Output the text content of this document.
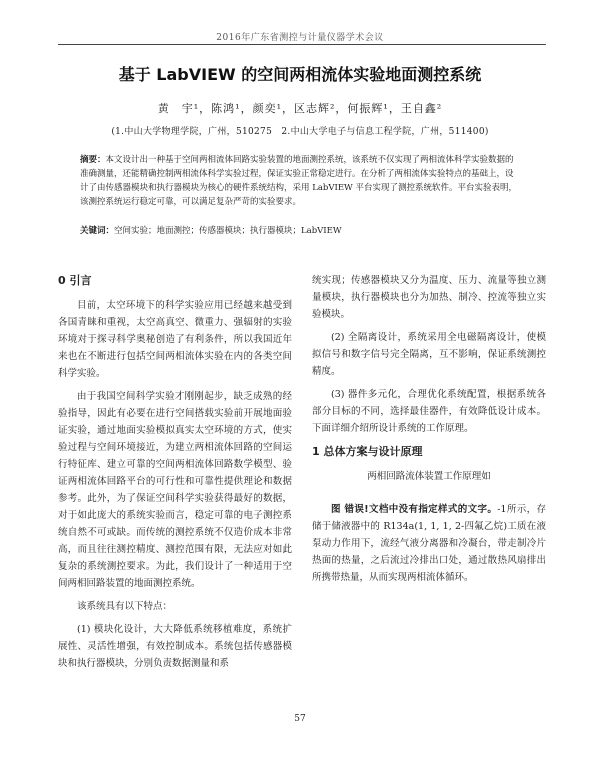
2016年广东省测控与计量仪器学术会议
基于 LabVIEW 的空间两相流体实验地面测控系统
黄　宇¹，陈鸿¹，颜奕¹，区志辉²，何振辉¹，王自鑫²
(1.中山大学物理学院，广州，510275　2.中山大学电子与信息工程学院，广州，511400)
摘要：本文设计出一种基于空间两相流体回路实验装置的地面测控系统，该系统不仅实现了两相流体科学实验数据的准确测量，还能精确控制两相流体科学实验过程，保证实验正常稳定进行。在分析了两相流体实验特点的基础上，设计了由传感器模块和执行器模块为核心的硬件系统结构，采用 LabVIEW 平台实现了测控系统软件。平台实验表明，该测控系统运行稳定可靠，可以满足复杂严苛的实验要求。
关键词：空间实验；地面测控；传感器模块；执行器模块；LabVIEW
0 引言

目前，太空环境下的科学实验应用已经越来越受到各国青睐和重视，太空高真空、微重力、强辐射的实验环境对于探寻科学奥秘创造了有利条件，所以我国近年来也在不断进行包括空间两相流体实验在内的各类空间科学实验。

由于我国空间科学实验才刚刚起步，缺乏成熟的经验指导，因此有必要在进行空间搭载实验前开展地面验证实验，通过地面实验模拟真实太空环境的方式，使实验过程与空间环境接近，为建立两相流体回路的空间运行特征库、建立可靠的空间两相流体回路数学模型、验证两相流体回路平台的可行性和可靠性提供理论和数据参考。此外，为了保证空间科学实验获得最好的数据，对于如此庞大的系统实验而言，稳定可靠的电子测控系统自然不可或缺。而传统的测控系统不仅造价成本非常高，而且往往测控精度、测控范围有限，无法应对如此复杂的系统测控要求。为此，我们设计了一种适用于空间两相回路装置的地面测控系统。

该系统具有以下特点：

(1) 模块化设计，大大降低系统移植难度，系统扩展性、灵活性增强，有效控制成本。系统包括传感器模块和执行器模块，分别负责数据测量和系

统实现；传感器模块又分为温度、压力、流量等独立测量模块，执行器模块也分为加热、制冷、控流等独立实验模块。

(2) 全隔离设计，系统采用全电磁隔离设计，使模拟信号和数字信号完全隔离，互不影响，保证系统测控精度。

(3) 器件多元化，合理优化系统配置，根据系统各部分目标的不同，选择最佳器件，有效降低设计成本。下面详细介绍所设计系统的工作原理。

1 总体方案与设计原理
两相回路流体装置工作原理如

图 错误!文档中没有指定样式的文字。-1所示，存储于储液器中的 R134a(1, 1, 1, 2-四氟乙烷)工质在液泵动力作用下，流经气液分离器和冷凝台，带走制冷片热面的热量，之后流过冷排出口处，通过散热风扇排出所携带热量，从而实现两相流体循环。

57
